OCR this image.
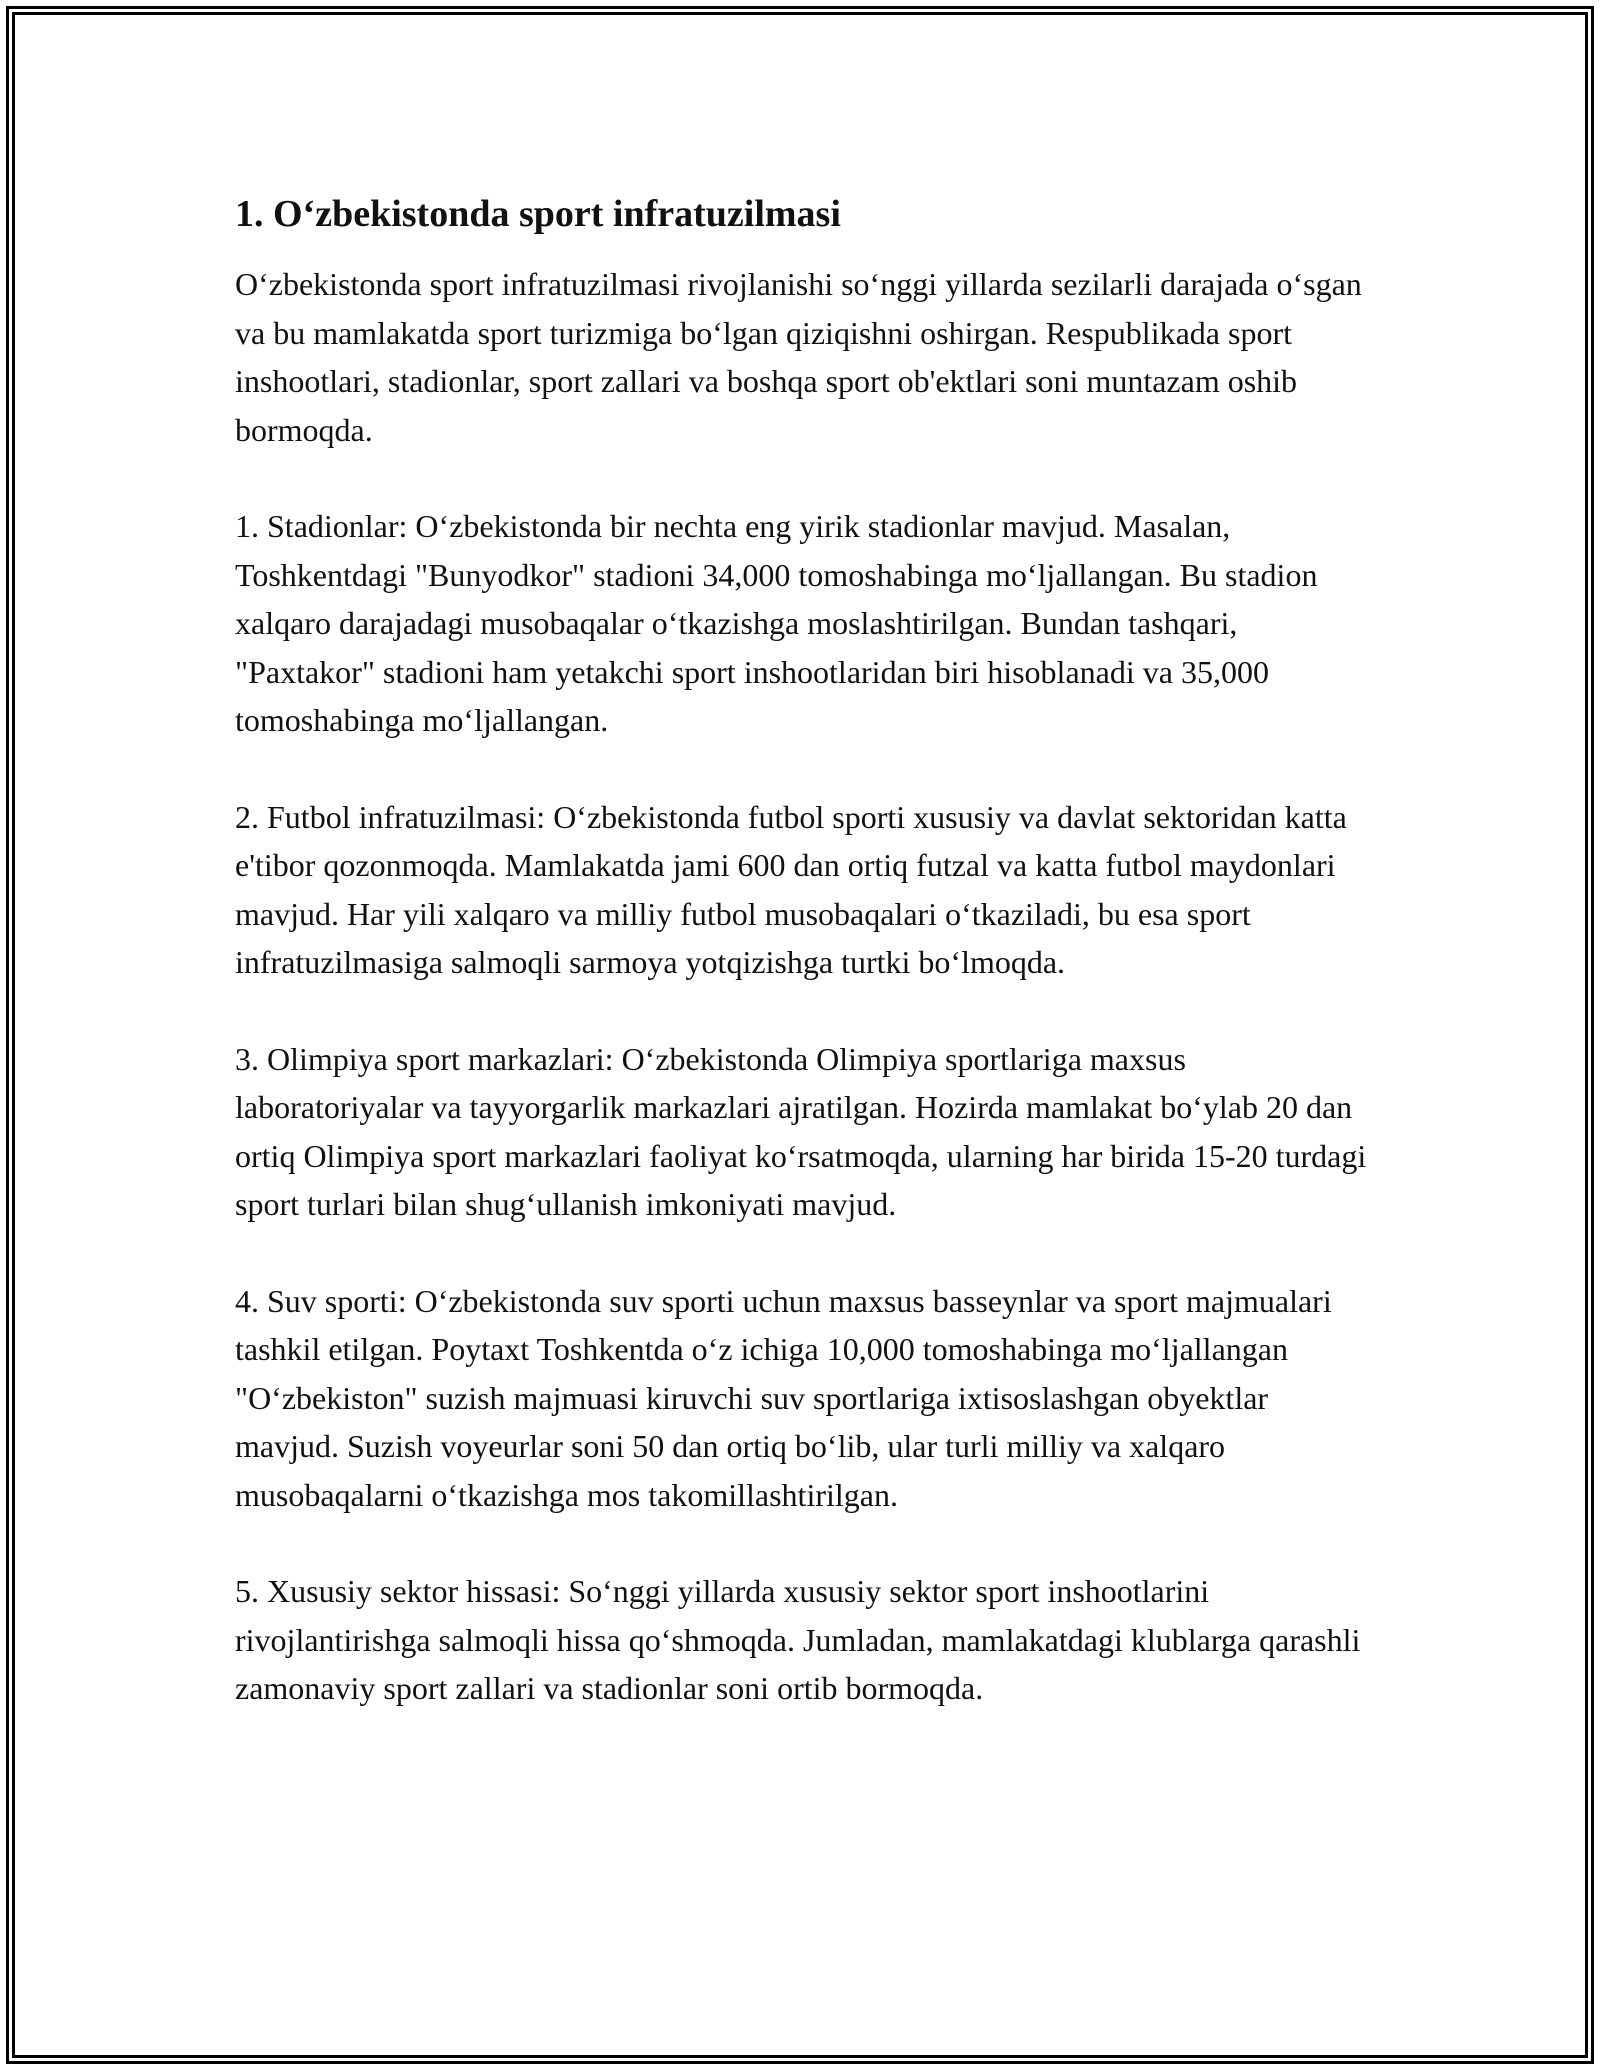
1. O‘zbekistonda sport infratuzilmasi

O‘zbekistonda sport infratuzilmasi rivojlanishi so‘nggi yillarda sezilarli darajada o‘sgan va bu mamlakatda sport turizmiga bo‘lgan qiziqishni oshirgan. Respublikada sport inshootlari, stadionlar, sport zallari va boshqa sport ob'ektlari soni muntazam oshib bormoqda.

1. Stadionlar: O‘zbekistonda bir nechta eng yirik stadionlar mavjud. Masalan, Toshkentdagi "Bunyodkor" stadioni 34,000 tomoshabinga mo‘ljallangan. Bu stadion xalqaro darajadagi musobaqalar o‘tkazishga moslashtirilgan. Bundan tashqari, "Paxtakor" stadioni ham yetakchi sport inshootlaridan biri hisoblanadi va 35,000 tomoshabinga mo‘ljallangan.

2. Futbol infratuzilmasi: O‘zbekistonda futbol sporti xususiy va davlat sektoridan katta e'tibor qozonmoqda. Mamlakatda jami 600 dan ortiq futzal va katta futbol maydonlari mavjud. Har yili xalqaro va milliy futbol musobaqalari o‘tkaziladi, bu esa sport infratuzilmasiga salmoqli sarmoya yotqizishga turtki bo‘lmoqda.

3. Olimpiya sport markazlari: O‘zbekistonda Olimpiya sportlariga maxsus laboratoriyalar va tayyorgarlik markazlari ajratilgan. Hozirda mamlakat bo‘ylab 20 dan ortiq Olimpiya sport markazlari faoliyat ko‘rsatmoqda, ularning har birida 15-20 turdagi sport turlari bilan shug‘ullanish imkoniyati mavjud.

4. Suv sporti: O‘zbekistonda suv sporti uchun maxsus basseynlar va sport majmualari tashkil etilgan. Poytaxt Toshkentda o‘z ichiga 10,000 tomoshabinga mo‘ljallangan "O‘zbekiston" suzish majmuasi kiruvchi suv sportlariga ixtisoslashgan obyektlar mavjud. Suzish voyeurlar soni 50 dan ortiq bo‘lib, ular turli milliy va xalqaro musobaqalarni o‘tkazishga mos takomillashtirilgan.

5. Xususiy sektor hissasi: So‘nggi yillarda xususiy sektor sport inshootlarini rivojlantirishga salmoqli hissa qo‘shmoqda. Jumladan, mamlakatdagi klublarga qarashli zamonaviy sport zallari va stadionlar soni ortib bormoqda.
